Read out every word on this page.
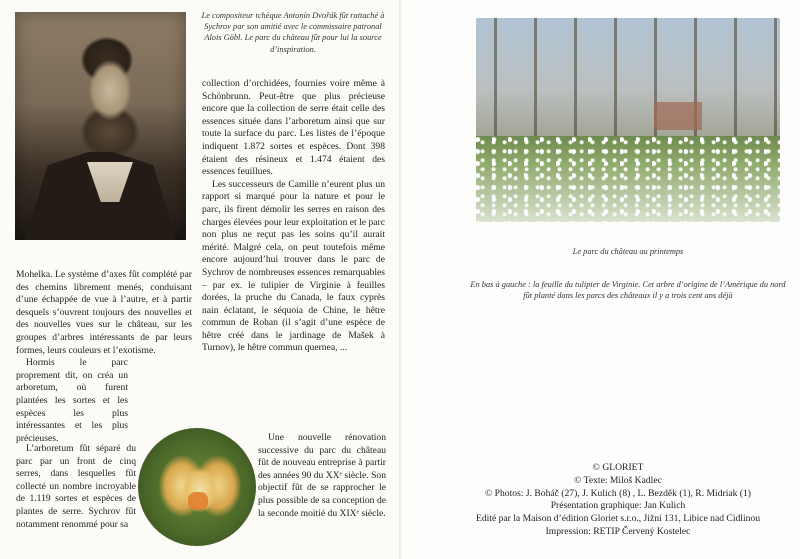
Le compositeur tchèque Antonín Dvořák fût rattaché à Sychrov par son amitié avec le commissaire patronal Alois Göbl. Le parc du château fût pour lui la source d’inspiration.

collection d’orchidées, fournies voire même à Schönbrunn. Peut-être que plus précieuse encore que la collection de serre était celle des essences située dans l’arboretum ainsi que sur toute la surface du parc. Les listes de l’époque indiquent 1.872 sortes et espèces. Dont 398 étaient des résineux et 1.474 étaient des essences feuillues.

Les successeurs de Camille n’eurent plus un rapport si marqué pour la nature et pour le parc, ils firent démolir les serres en raison des charges élevées pour leur exploitation et le parc non plus ne reçut pas les soins qu’il aurait mérité. Malgré cela, on peut toutefois même encore aujourd’hui trouver dans le parc de Sychrov de nombreuses essences remarquables – par ex. le tulipier de Virginie à feuilles dorées, la pruche du Canada, le faux cyprès nain éclatant, le séquoia de Chine, le hêtre commun de Rohan (il s’agit d’une espèce de hêtre créé dans le jardinage de Mašek à Turnov), le hêtre commun quernea, ...

Mohelka. Le système d’axes fût complété par des chemins librement menés, conduisant d’une échappée de vue à l’autre, et à partir desquels s’ouvrent toujours des nouvelles et des nouvelles vues sur le château, sur les groupes d’arbres intéressants de par leurs formes, leurs couleurs et l’exotisme.

Hormis le parc proprement dit, on créa un arboretum, où furent plantées les sortes et les espèces les plus intéressantes et les plus précieuses.

L’arboretum fût séparé du parc par un front de cinq serres, dans lesquelles fût collecté un nombre incroyable de 1.119 sortes et espèces de plantes de serre. Sychrov fût notamment renommé pour sa

Une nouvelle rénovation successive du parc du château fût de nouveau entreprise à partir des années 90 du XXᵉ siècle. Son objectif fût de se rapprocher le plus possible de sa conception de la seconde moitié du XIXᵉ siècle.

Le parc du château au printemps
En bas à gauche : la feuille du tulipier de Virginie. Cet arbre d’origine de l’Amérique du nord fût planté dans les parcs des châteaux il y a trois cent ans déjà
© GLORIET
© Texte: Miloš Kadlec
© Photos: J. Boháč (27), J. Kulich (8) , L. Bezděk (1), R. Midriak (1)
Présentation graphique: Jan Kulich
Edité par la Maison d’édition Gloriet s.r.o., Jižní 131, Libice nad Cidlinou
Impression: RETIP Červený Kostelec
